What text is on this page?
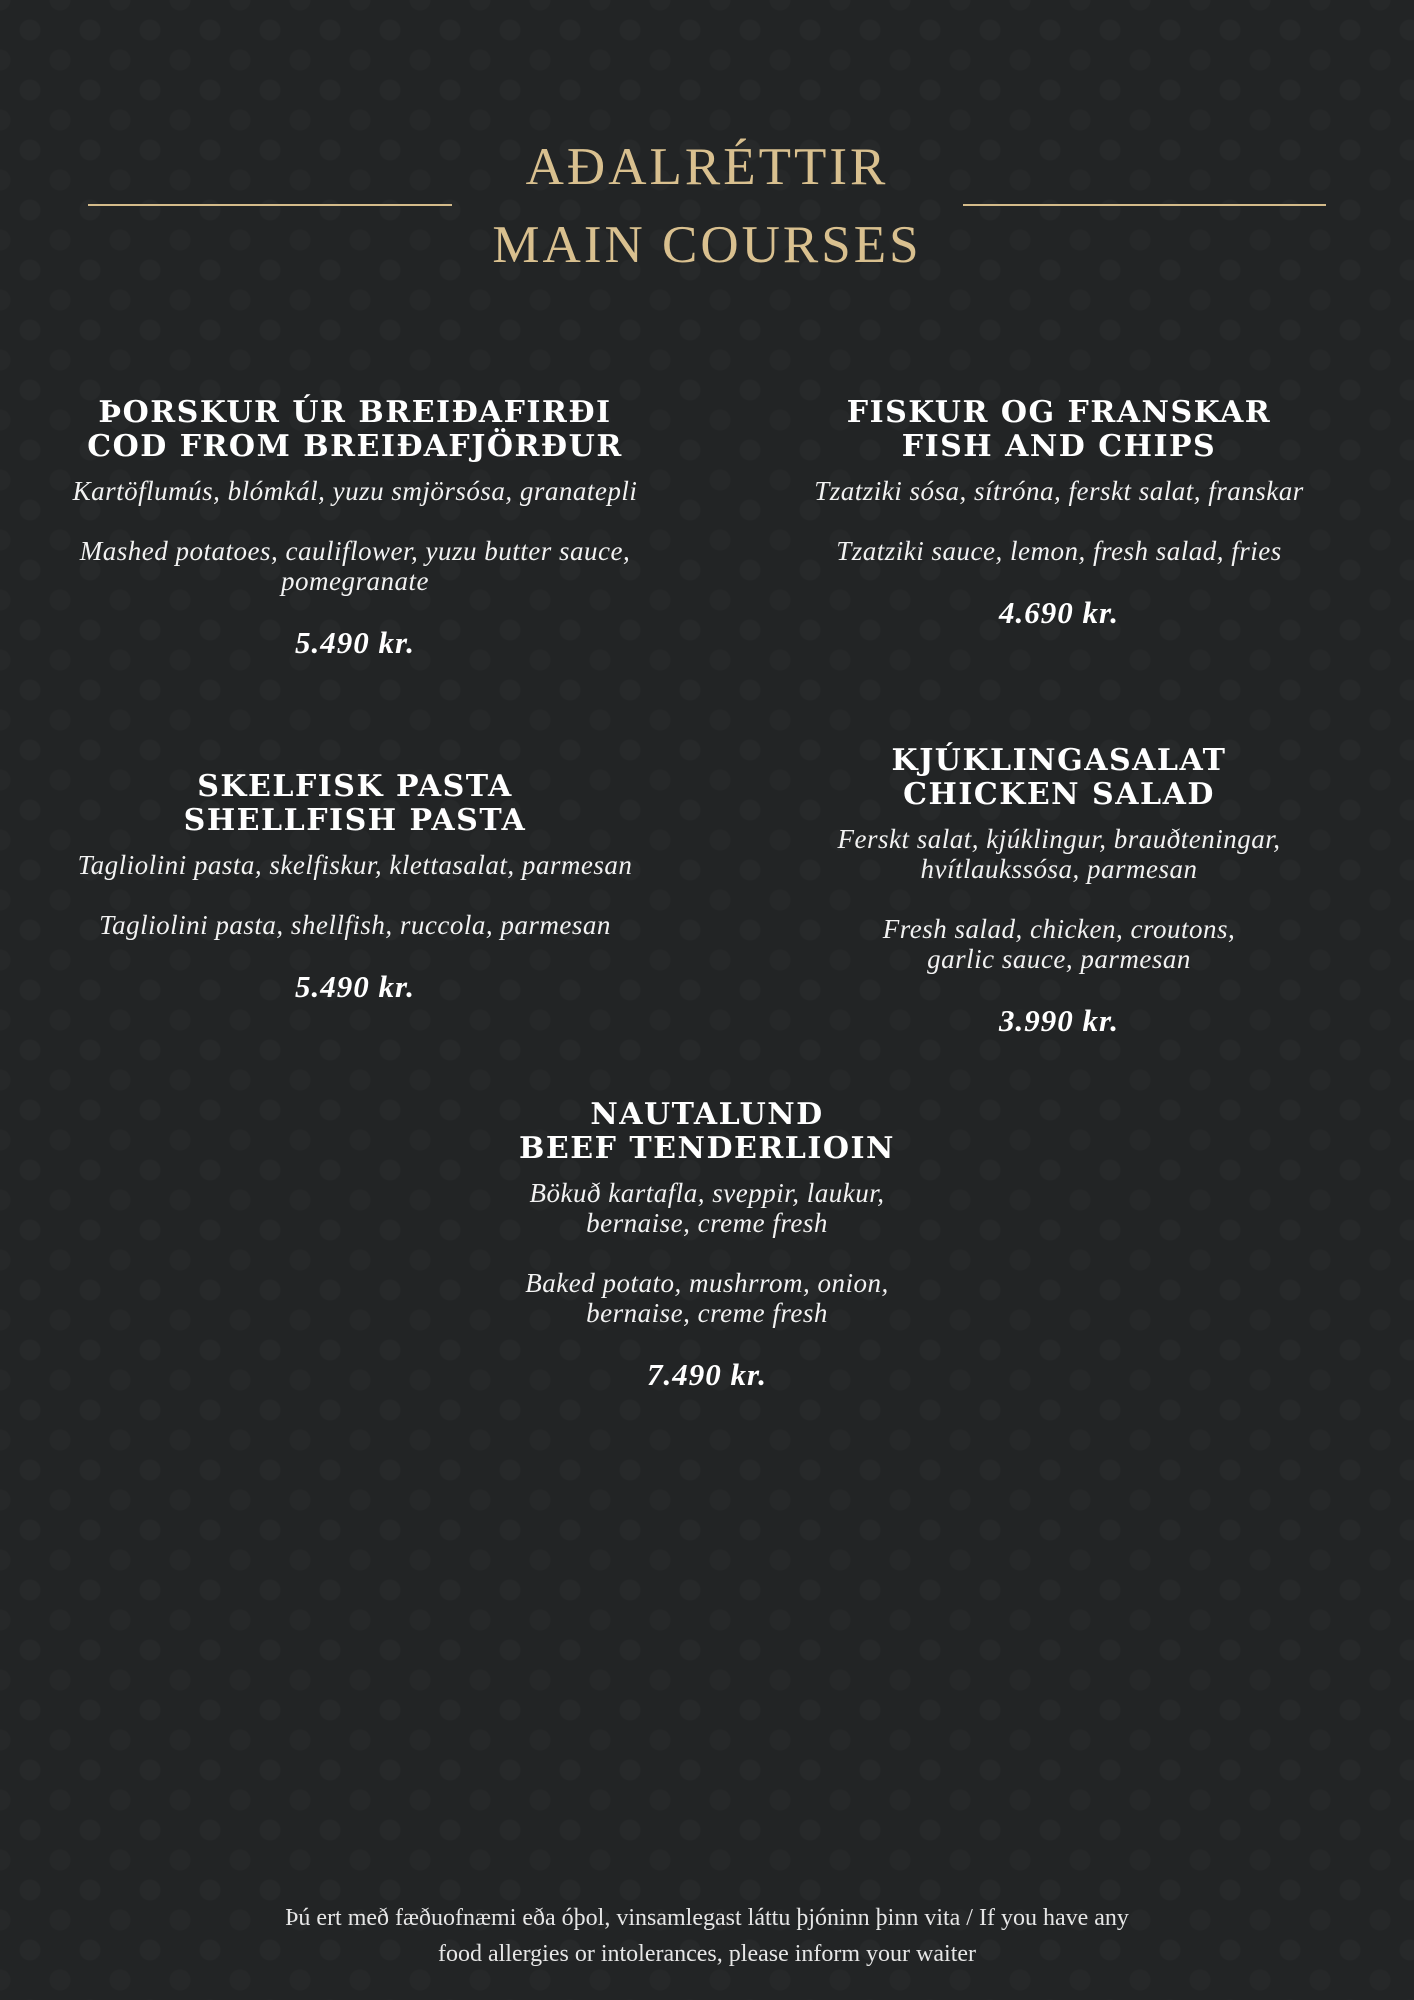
AÐALRÉTTIR
MAIN COURSES
ÞORSKUR ÚR BREIÐAFIRÐI
COD FROM BREIÐAFJÖRÐUR
Kartöflumús, blómkál, yuzu smjörsósa, granatepli
Mashed potatoes, cauliflower, yuzu butter sauce,
pomegranate
5.490 kr.
FISKUR OG FRANSKAR
FISH AND CHIPS
Tzatziki sósa, sítróna, ferskt salat, franskar
Tzatziki sauce, lemon, fresh salad, fries
4.690 kr.
SKELFISK PASTA
SHELLFISH PASTA
Tagliolini pasta, skelfiskur, klettasalat, parmesan
Tagliolini pasta, shellfish, ruccola, parmesan
5.490 kr.
KJÚKLINGASALAT
CHICKEN SALAD
Ferskt salat, kjúklingur, brauðteningar,
hvítlaukssósa, parmesan
Fresh salad, chicken, croutons,
garlic sauce, parmesan
3.990 kr.
NAUTALUND
BEEF TENDERLIOIN
Bökuð kartafla, sveppir, laukur,
bernaise, creme fresh
Baked potato, mushrrom, onion,
bernaise, creme fresh
7.490 kr.
Þú ert með fæðuofnæmi eða óþol, vinsamlegast láttu þjóninn þinn vita / If you have any
food allergies or intolerances, please inform your waiter
